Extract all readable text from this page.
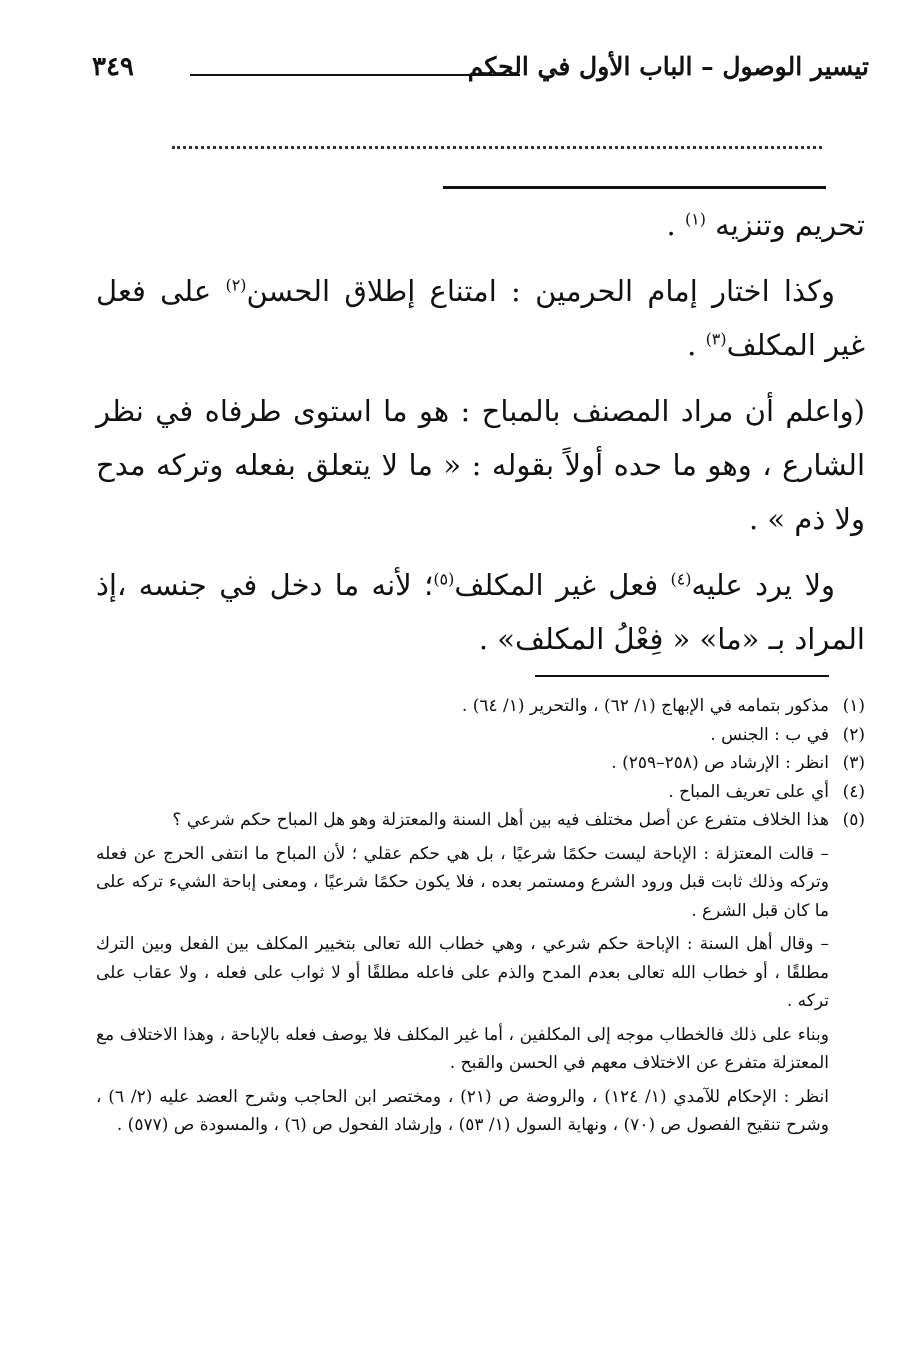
تيسير الوصول – الباب الأول في الحكم
٣٤٩

تحريم وتنزيه $^{(١)}$ .

وكذا اختار إمام الحرمين : امتناع إطلاق الحسن$^{(٢)}$ على فعل غير المكلف$^{(٣)}$ .

(واعلم أن مراد المصنف بالمباح : هو ما استوى طرفاه في نظر الشارع ، وهو ما حده أولاً بقوله : « ما لا يتعلق بفعله وتركه مدح ولا ذم » .

ولا يرد عليه$^{(٤)}$ فعل غير المكلف$^{(٥)}$؛ لأنه ما دخل في جنسه ،إذ المراد بـ «ما» « فِعْلُ المكلف» .

(١)
مذكور بتمامه في الإبهاج (١/ ٦٢) ، والتحرير (١/ ٦٤) .
(٢)
في ب : الجنس .
(٣)
انظر : الإرشاد ص (٢٥٨–٢٥٩) .
(٤)
أي على تعريف المباح .
(٥)

هذا الخلاف متفرع عن أصل مختلف فيه بين أهل السنة والمعتزلة وهو هل المباح حكم شرعي ؟

– قالت المعتزلة : الإباحة ليست حكمًا شرعيًا ، بل هي حكم عقلي ؛ لأن المباح ما انتفى الحرج عن فعله وتركه وذلك ثابت قبل ورود الشرع ومستمر بعده ، فلا يكون حكمًا شرعيًا ، ومعنى إباحة الشيء تركه على ما كان قبل الشرع .

– وقال أهل السنة : الإباحة حكم شرعي ، وهي خطاب الله تعالى بتخيير المكلف بين الفعل وبين الترك مطلقًا ، أو خطاب الله تعالى بعدم المدح والذم على فاعله مطلقًا أو لا ثواب على فعله ، ولا عقاب على تركه .

وبناء على ذلك فالخطاب موجه إلى المكلفين ، أما غير المكلف فلا يوصف فعله بالإباحة ، وهذا الاختلاف مع المعتزلة متفرع عن الاختلاف معهم في الحسن والقبح .

انظر : الإحكام للآمدي (١/ ١٢٤) ، والروضة ص (٢١) ، ومختصر ابن الحاجب وشرح العضد عليه (٢/ ٦) ، وشرح تنقيح الفصول ص (٧٠) ، ونهاية السول (١/ ٥٣) ، وإرشاد الفحول ص (٦) ، والمسودة ص (٥٧٧) .
